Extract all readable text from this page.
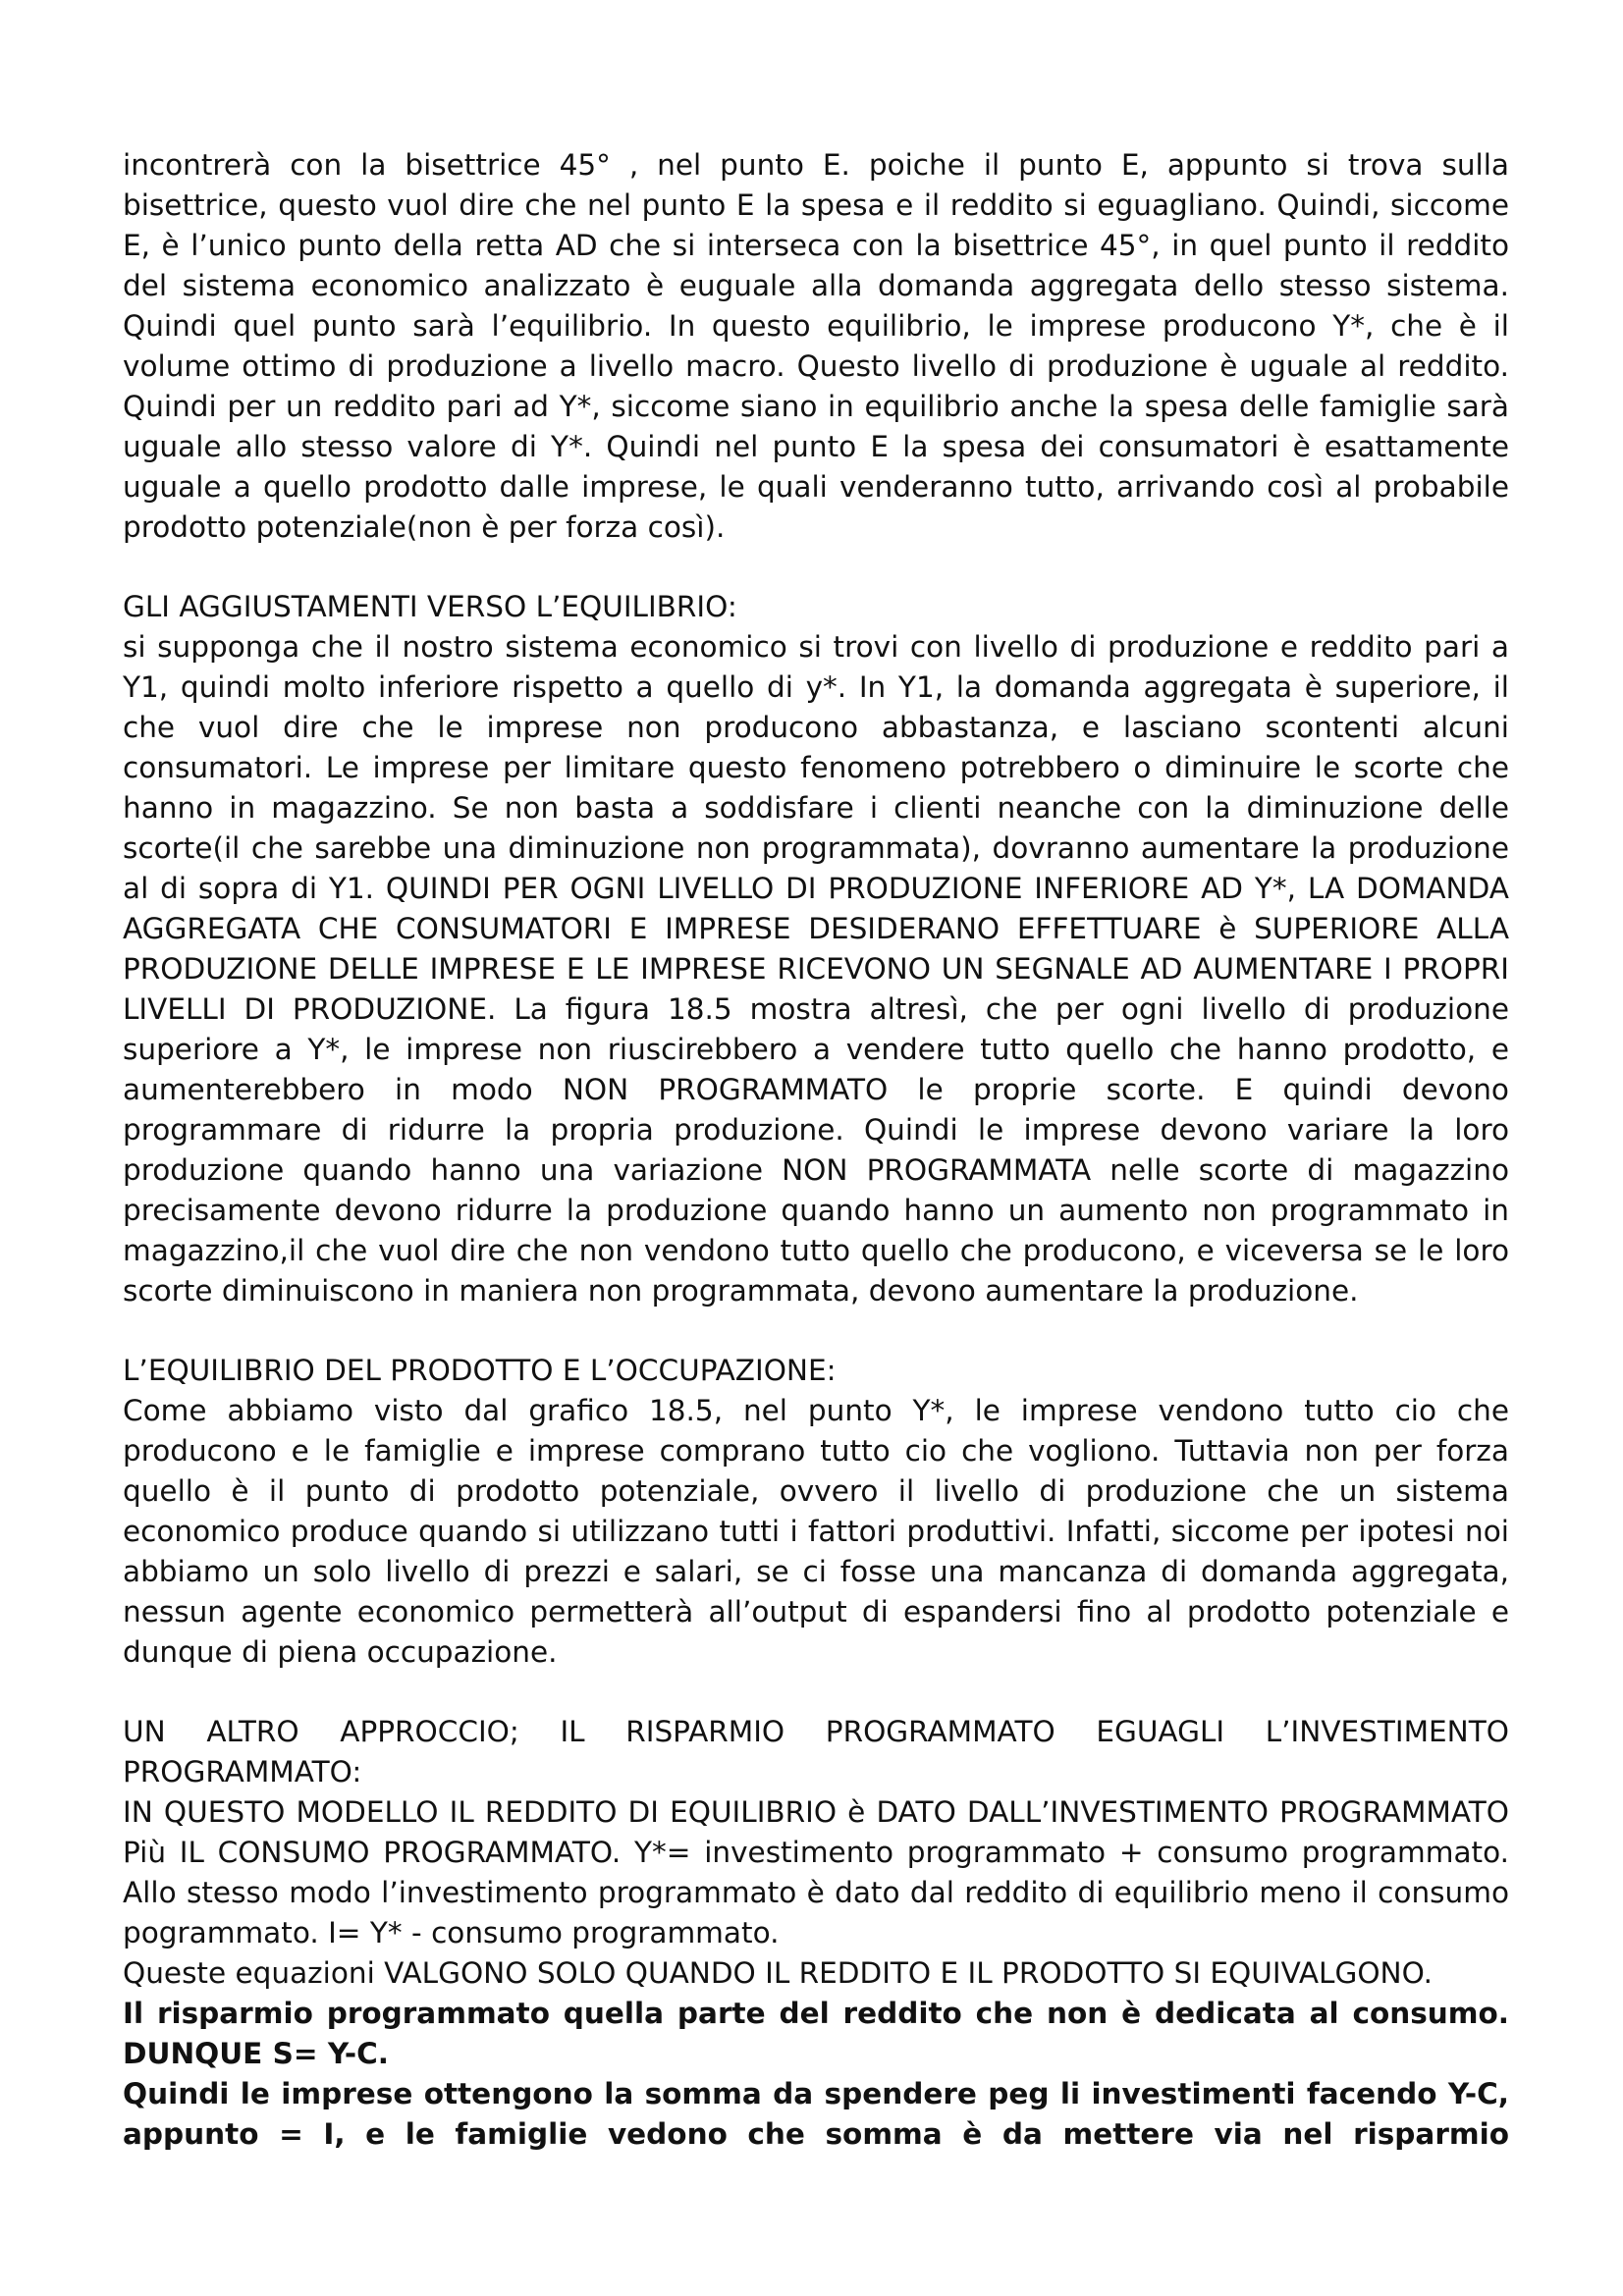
incontrerà con la bisettrice 45° , nel punto E. poiche il punto E, appunto si trova sulla bisettrice, questo vuol dire che nel punto E la spesa e il reddito si eguagliano. Quindi, siccome E, è l’unico punto della retta AD che si interseca con la bisettrice 45°, in quel punto il reddito del sistema economico analizzato è euguale alla domanda aggregata dello stesso sistema. Quindi quel punto sarà l’equilibrio. In questo equilibrio, le imprese producono Y*, che è il volume ottimo di produzione a livello macro. Questo livello di produzione è uguale al reddito. Quindi per un reddito pari ad Y*, siccome siano in equilibrio anche la spesa delle famiglie sarà uguale allo stesso valore di Y*. Quindi nel punto E la spesa dei consumatori è esattamente uguale a quello prodotto dalle imprese, le quali venderanno tutto, arrivando così al probabile prodotto potenziale(non è per forza così).

GLI AGGIUSTAMENTI VERSO L’EQUILIBRIO:

si supponga che il nostro sistema economico si trovi con livello di produzione e reddito pari a Y1, quindi molto inferiore rispetto a quello di y*. In Y1, la domanda aggregata è superiore, il che vuol dire che le imprese non producono abbastanza, e lasciano scontenti alcuni consumatori. Le imprese per limitare questo fenomeno potrebbero o diminuire le scorte che hanno in magazzino. Se non basta a soddisfare i clienti neanche con la diminuzione delle scorte(il che sarebbe una diminuzione non programmata), dovranno aumentare la produzione al di sopra di Y1. QUINDI PER OGNI LIVELLO DI PRODUZIONE INFERIORE AD Y*, LA DOMANDA AGGREGATA CHE CONSUMATORI E IMPRESE DESIDERANO EFFETTUARE è SUPERIORE ALLA PRODUZIONE DELLE IMPRESE E LE IMPRESE RICEVONO UN SEGNALE AD AUMENTARE I PROPRI LIVELLI DI PRODUZIONE. La figura 18.5 mostra altresì, che per ogni livello di produzione superiore a Y*, le imprese non riuscirebbero a vendere tutto quello che hanno prodotto, e aumenterebbero in modo NON PROGRAMMATO le proprie scorte. E quindi devono programmare di ridurre la propria produzione. Quindi le imprese devono variare la loro produzione quando hanno una variazione NON PROGRAMMATA nelle scorte di magazzino precisamente devono ridurre la produzione quando hanno un aumento non programmato in magazzino,il che vuol dire che non vendono tutto quello che producono, e viceversa se le loro scorte diminuiscono in maniera non programmata, devono aumentare la produzione.

L’EQUILIBRIO DEL PRODOTTO E L’OCCUPAZIONE:

Come abbiamo visto dal grafico 18.5, nel punto Y*, le imprese vendono tutto cio che producono e le famiglie e imprese comprano tutto cio che vogliono. Tuttavia non per forza quello è il punto di prodotto potenziale, ovvero il livello di produzione che un sistema economico produce quando si utilizzano tutti i fattori produttivi. Infatti, siccome per ipotesi noi abbiamo un solo livello di prezzi e salari, se ci fosse una mancanza di domanda aggregata, nessun agente economico permetterà all’output di espandersi fino al prodotto potenziale e dunque di piena occupazione.

UN ALTRO APPROCCIO; IL RISPARMIO PROGRAMMATO EGUAGLI L’INVESTIMENTO PROGRAMMATO:

IN QUESTO MODELLO IL REDDITO DI EQUILIBRIO è DATO DALL’INVESTIMENTO PROGRAMMATO Più IL CONSUMO PROGRAMMATO. Y*= investimento programmato + consumo programmato. Allo stesso modo l’investimento programmato è dato dal reddito di equilibrio meno il consumo pogrammato. I= Y* - consumo programmato.

Queste equazioni VALGONO SOLO QUANDO IL REDDITO E IL PRODOTTO SI EQUIVALGONO.

Il risparmio programmato quella parte del reddito che non è dedicata al consumo. DUNQUE S= Y-C.

Quindi le imprese ottengono la somma da spendere peg li investimenti facendo Y-C, appunto = I, e le famiglie vedono che somma è da mettere via nel risparmio
